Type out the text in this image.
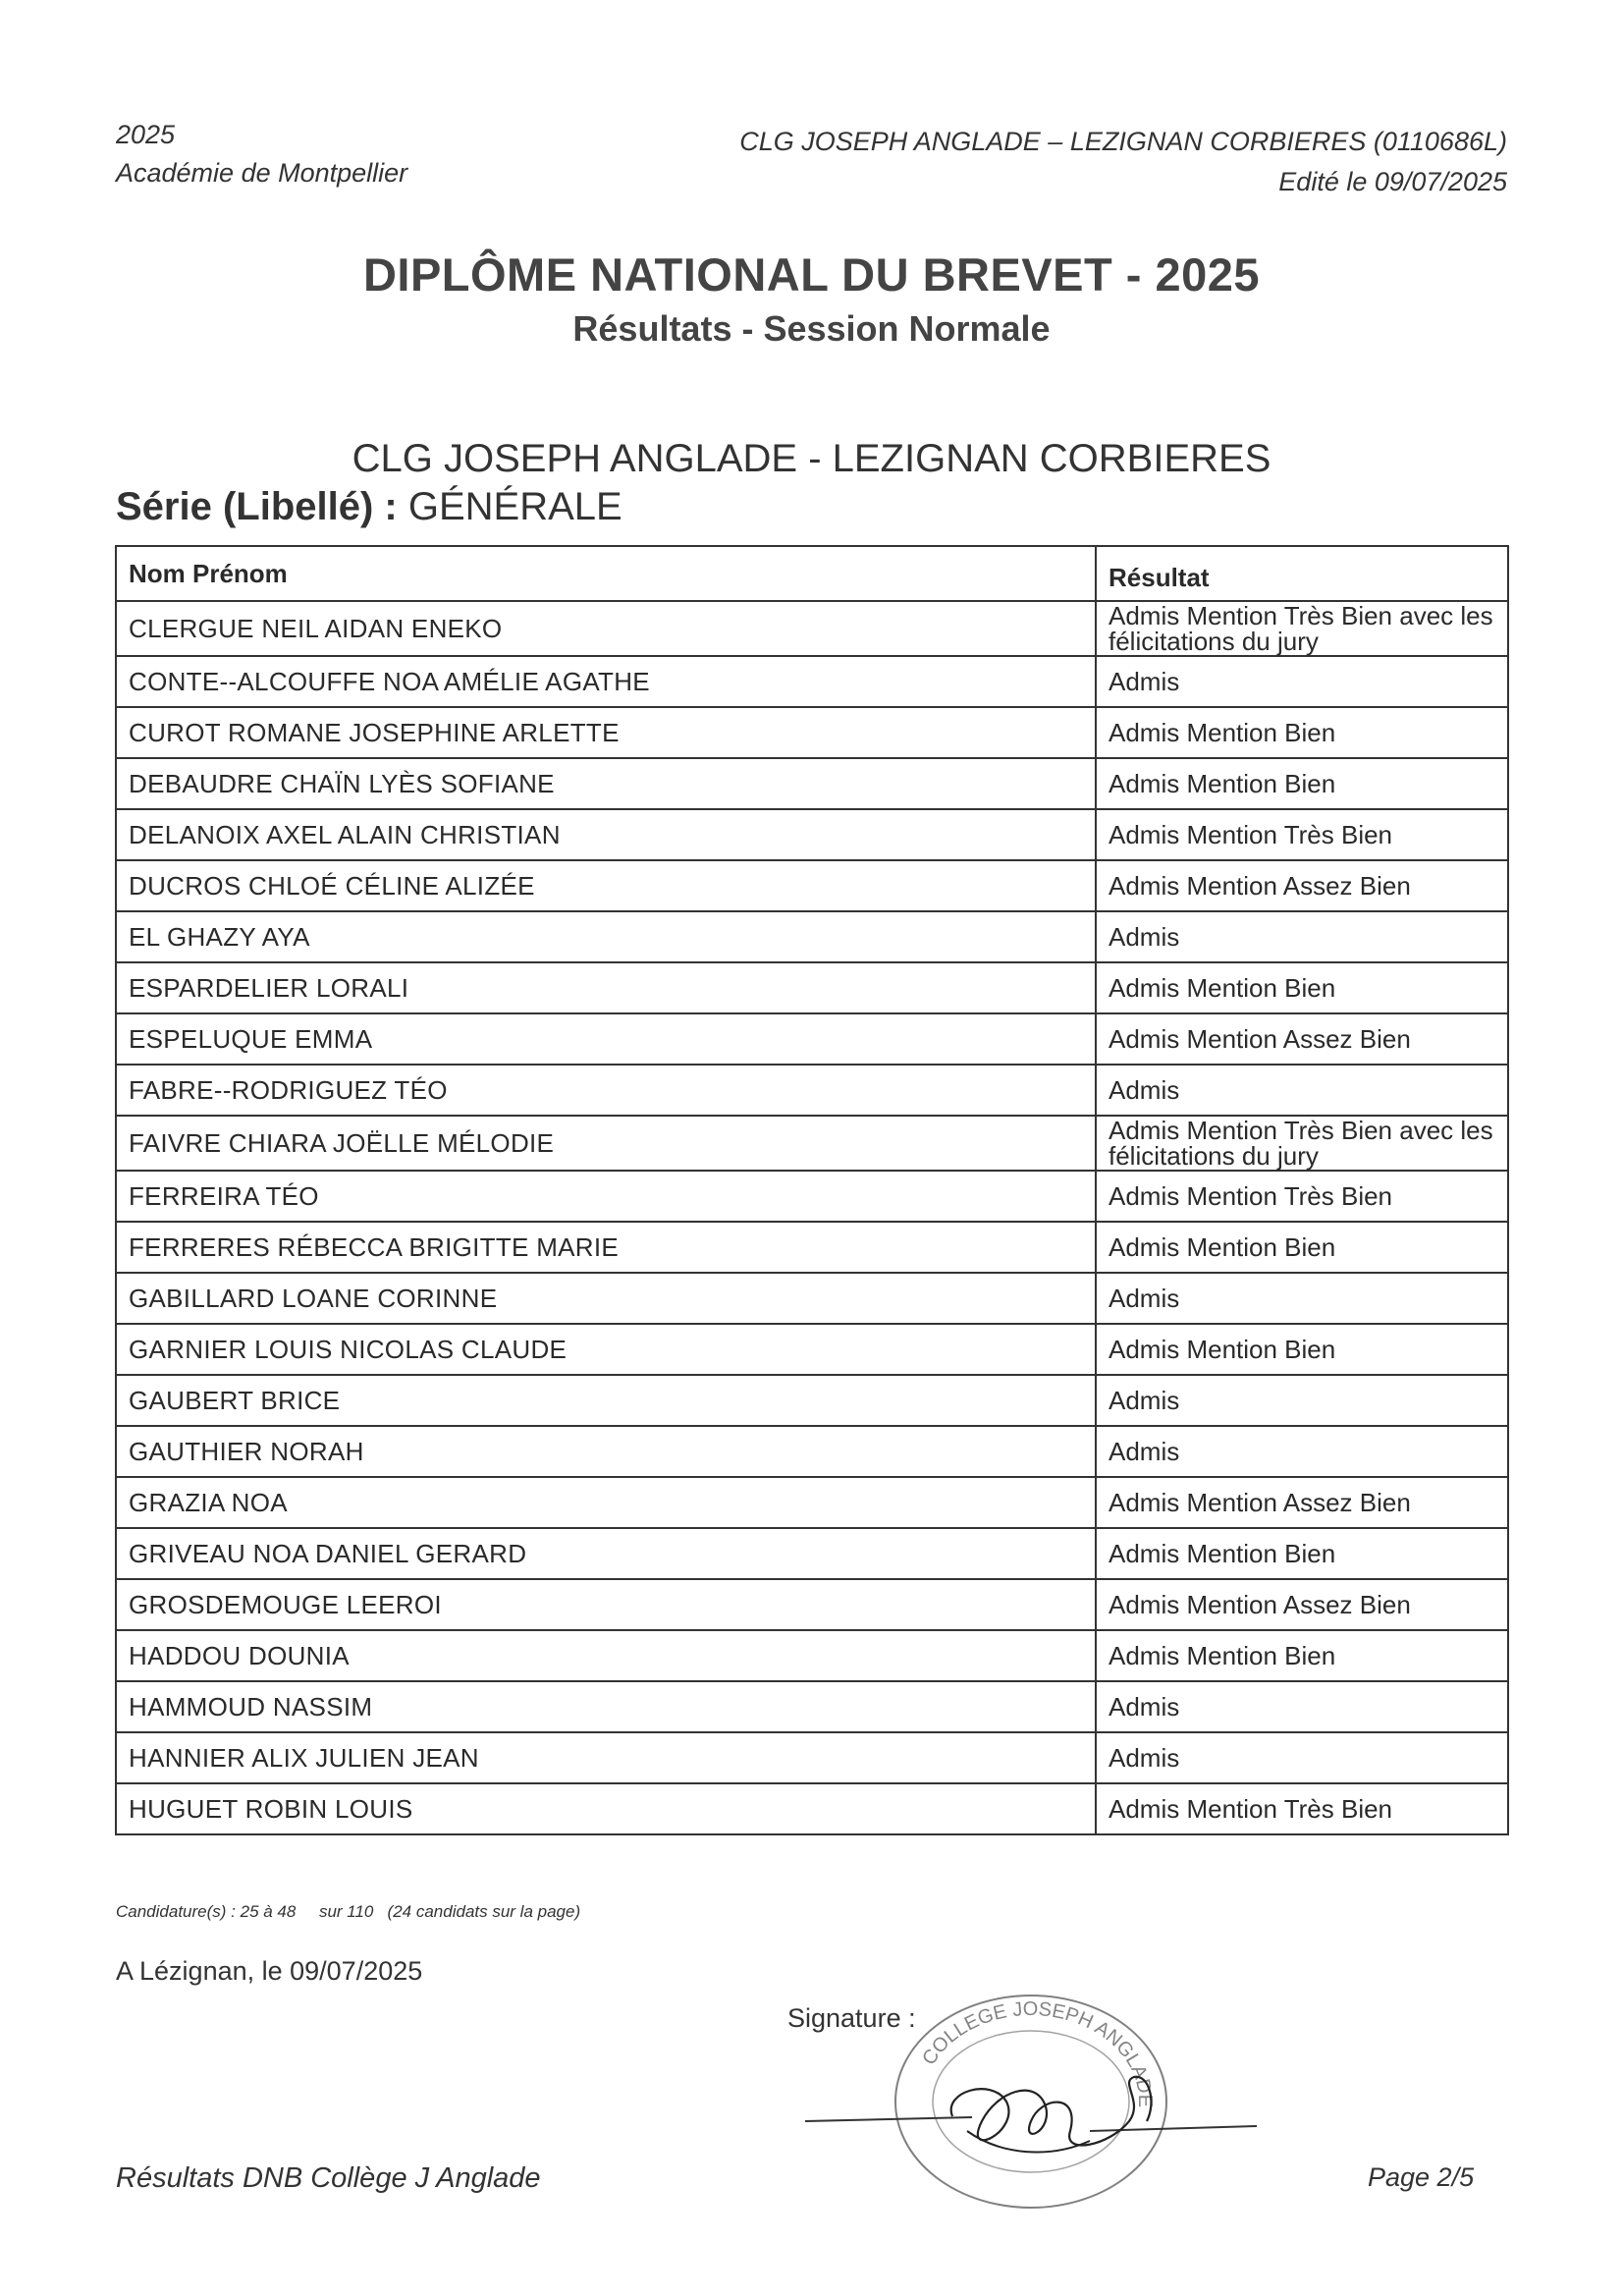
2025
Académie de Montpellier
CLG JOSEPH ANGLADE – LEZIGNAN CORBIERES (0110686L)
Edité le 09/07/2025
DIPLÔME NATIONAL DU BREVET - 2025
Résultats - Session Normale
CLG JOSEPH ANGLADE - LEZIGNAN CORBIERES
Série (Libellé) : GÉNÉRALE
Nom Prénom	Résultat
CLERGUE NEIL AIDAN ENEKO	Admis Mention Très Bien avec les félicitations du jury
CONTE--ALCOUFFE NOA AMÉLIE AGATHE	Admis
CUROT ROMANE JOSEPHINE ARLETTE	Admis Mention Bien
DEBAUDRE CHAÏN LYÈS SOFIANE	Admis Mention Bien
DELANOIX AXEL ALAIN CHRISTIAN	Admis Mention Très Bien
DUCROS CHLOÉ CÉLINE ALIZÉE	Admis Mention Assez Bien
EL GHAZY AYA	Admis
ESPARDELIER LORALI	Admis Mention Bien
ESPELUQUE EMMA	Admis Mention Assez Bien
FABRE--RODRIGUEZ TÉO	Admis
FAIVRE CHIARA JOËLLE MÉLODIE	Admis Mention Très Bien avec les félicitations du jury
FERREIRA TÉO	Admis Mention Très Bien
FERRERES RÉBECCA BRIGITTE MARIE	Admis Mention Bien
GABILLARD LOANE CORINNE	Admis
GARNIER LOUIS NICOLAS CLAUDE	Admis Mention Bien
GAUBERT BRICE	Admis
GAUTHIER NORAH	Admis
GRAZIA NOA	Admis Mention Assez Bien
GRIVEAU NOA DANIEL GERARD	Admis Mention Bien
GROSDEMOUGE LEEROI	Admis Mention Assez Bien
HADDOU DOUNIA	Admis Mention Bien
HAMMOUD NASSIM	Admis
HANNIER ALIX JULIEN JEAN	Admis
HUGUET ROBIN LOUIS	Admis Mention Très Bien
Candidature(s) : 25 à 48     sur 110   (24 candidats sur la page)
A Lézignan, le 09/07/2025
Signature :
COLLEGE JOSEPH ANGLADE
Résultats DNB Collège J Anglade	Page 2/5
